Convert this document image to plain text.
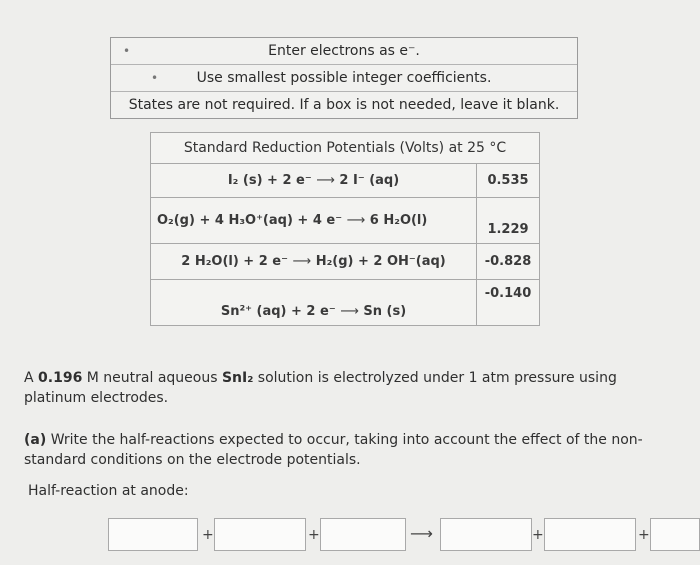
•	Enter electrons as e⁻.
•	Use smallest possible integer coefficients.
States are not required. If a box is not needed, leave it blank.
Standard Reduction Potentials (Volts) at 25 °C	
I₂ (s) + 2 e⁻ ⟶ 2 I⁻ (aq)	0.535
O₂(g) + 4 H₃O⁺(aq) + 4 e⁻ ⟶ 6 H₂O(l)	1.229
2 H₂O(l) + 2 e⁻ ⟶ H₂(g) + 2 OH⁻(aq)	-0.828
Sn²⁺ (aq) + 2 e⁻ ⟶ Sn (s)	-0.140
A 0.196 M neutral aqueous SnI₂ solution is electrolyzed under 1 atm pressure using platinum electrodes.
(a) Write the half-reactions expected to occur, taking into account the effect of the non-standard conditions on the electrode potentials.
Half-reaction at anode:
+	+	⟶	+	+
